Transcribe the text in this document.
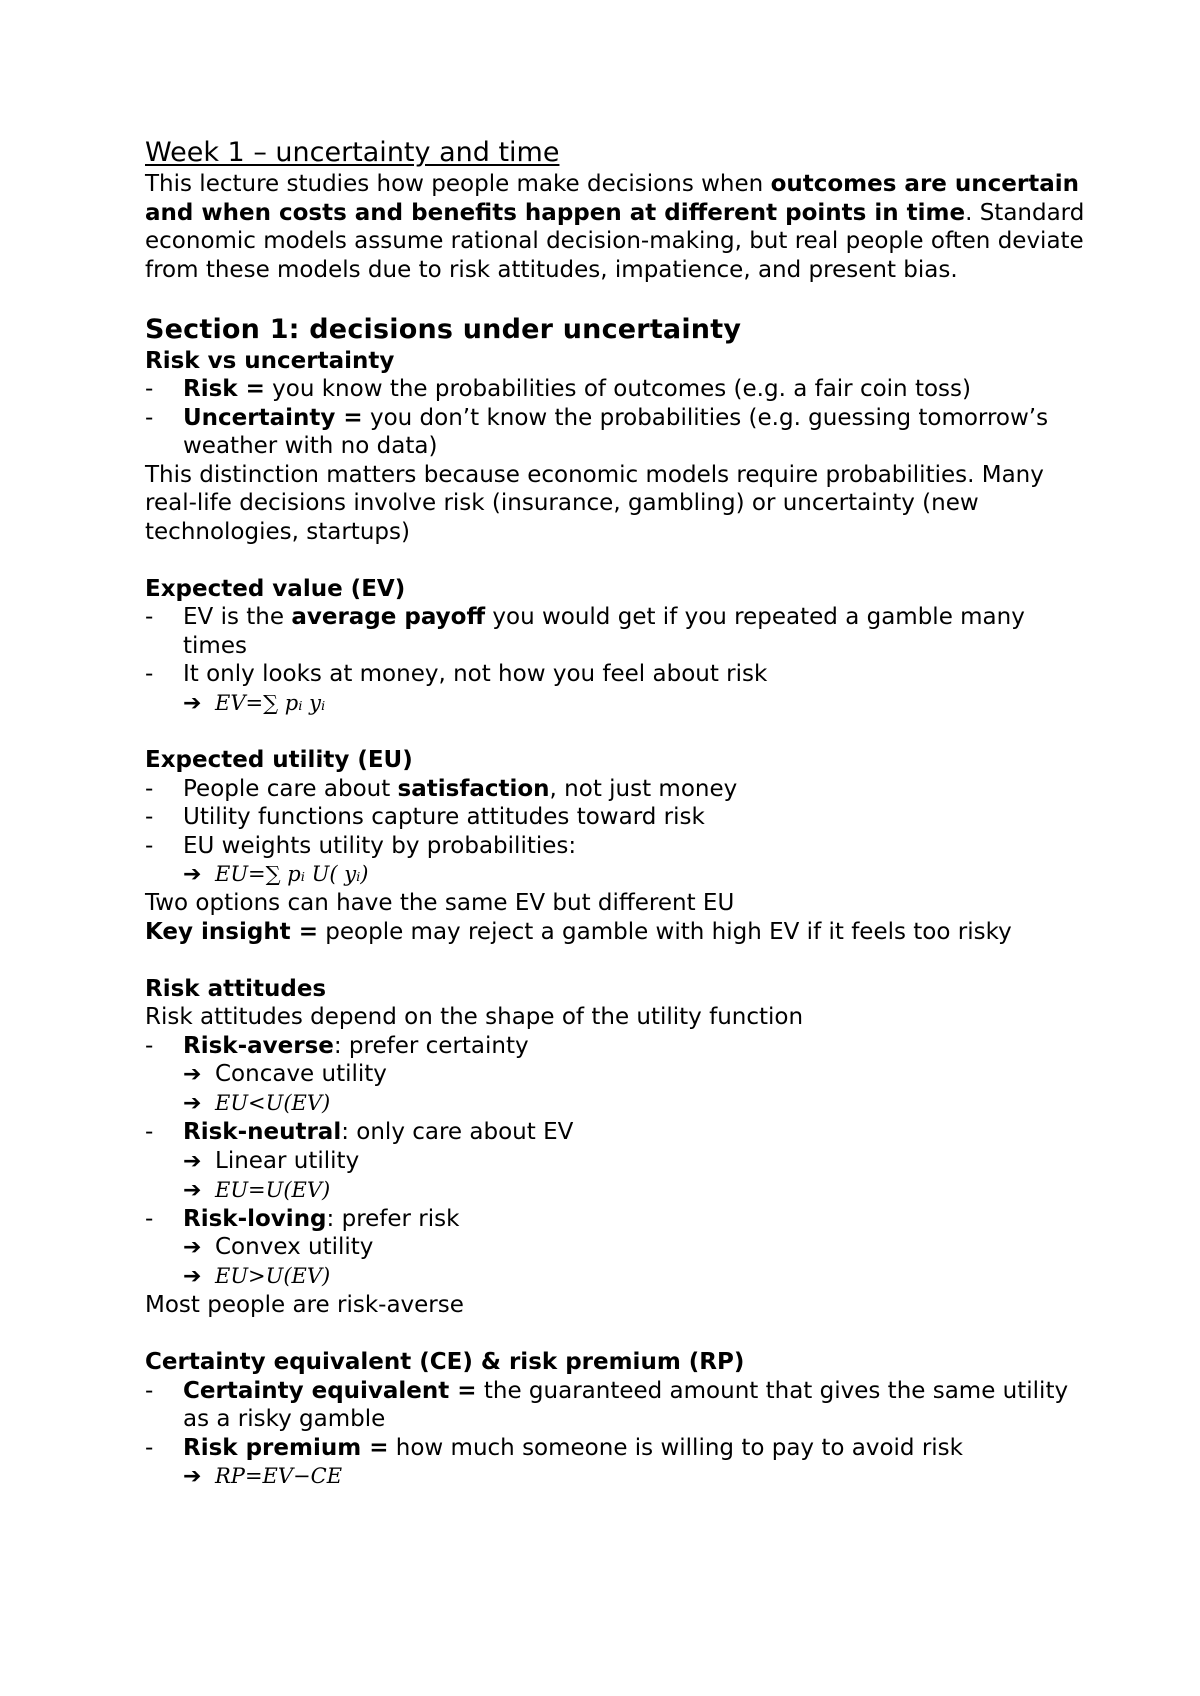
Week 1 – uncertainty and time

This lecture studies how people make decisions when outcomes are uncertain and when costs and benefits happen at different points in time. Standard economic models assume rational decision-making, but real people often deviate from these models due to risk attitudes, impatience, and present bias.

Section 1: decisions under uncertainty

Risk vs uncertainty

-	Risk = you know the probabilities of outcomes (e.g. a fair coin toss)
-	Uncertainty = you don’t know the probabilities (e.g. guessing tomorrow’s weather with no data)

This distinction matters because economic models require probabilities. Many real-life decisions involve risk (insurance, gambling) or uncertainty (new technologies, startups)

Expected value (EV)

-	EV is the average payoff you would get if you repeated a gamble many times
-	It only looks at money, not how you feel about risk
➔ EV=∑ pᵢ yᵢ

Expected utility (EU)

-	People care about satisfaction, not just money
-	Utility functions capture attitudes toward risk
-	EU weights utility by probabilities:
➔ EU=∑ pᵢ U( yᵢ)

Two options can have the same EV but different EU

Key insight = people may reject a gamble with high EV if it feels too risky

Risk attitudes

Risk attitudes depend on the shape of the utility function

-	Risk-averse: prefer certainty
➔ Concave utility
➔ EU<U(EV)
-	Risk-neutral: only care about EV
➔ Linear utility
➔ EU=U(EV)
-	Risk-loving: prefer risk
➔ Convex utility
➔ EU>U(EV)

Most people are risk-averse

Certainty equivalent (CE) & risk premium (RP)

-	Certainty equivalent = the guaranteed amount that gives the same utility as a risky gamble
-	Risk premium = how much someone is willing to pay to avoid risk
➔ RP=EV−CE
